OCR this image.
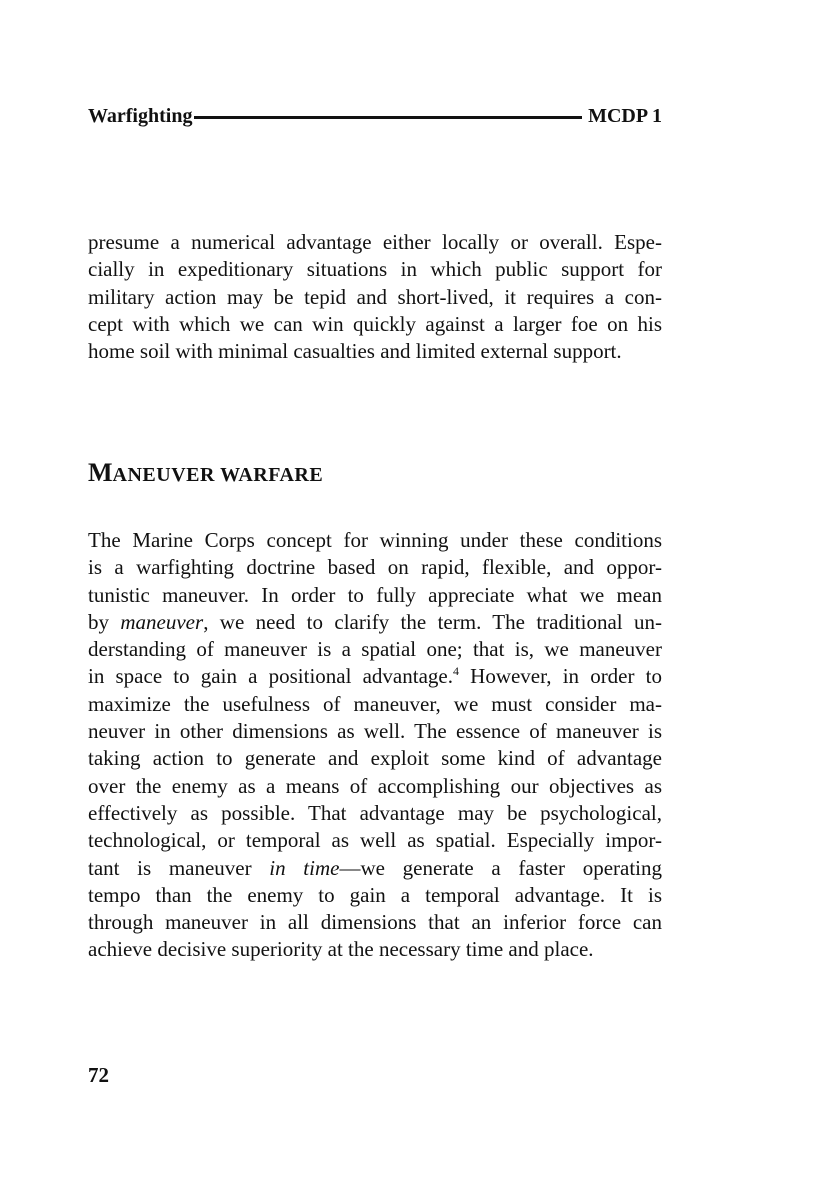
Warfighting	MCDP 1
presume a numerical advantage either locally or overall. Espe-
cially in expeditionary situations in which public support for
military action may be tepid and short-lived, it requires a con-
cept with which we can win quickly against a larger foe on his
home soil with minimal casualties and limited external support.
MANEUVER WARFARE
The Marine Corps concept for winning under these conditions
is a warfighting doctrine based on rapid, flexible, and oppor-
tunistic maneuver. In order to fully appreciate what we mean
by maneuver, we need to clarify the term. The traditional un-
derstanding of maneuver is a spatial one; that is, we maneuver
in space to gain a positional advantage.$^4$ However, in order to
maximize the usefulness of maneuver, we must consider ma-
neuver in other dimensions as well. The essence of maneuver is
taking action to generate and exploit some kind of advantage
over the enemy as a means of accomplishing our objectives as
effectively as possible. That advantage may be psychological,
technological, or temporal as well as spatial. Especially impor-
tant is maneuver in time—we generate a faster operating
tempo than the enemy to gain a temporal advantage. It is
through maneuver in all dimensions that an inferior force can
achieve decisive superiority at the necessary time and place.
72
